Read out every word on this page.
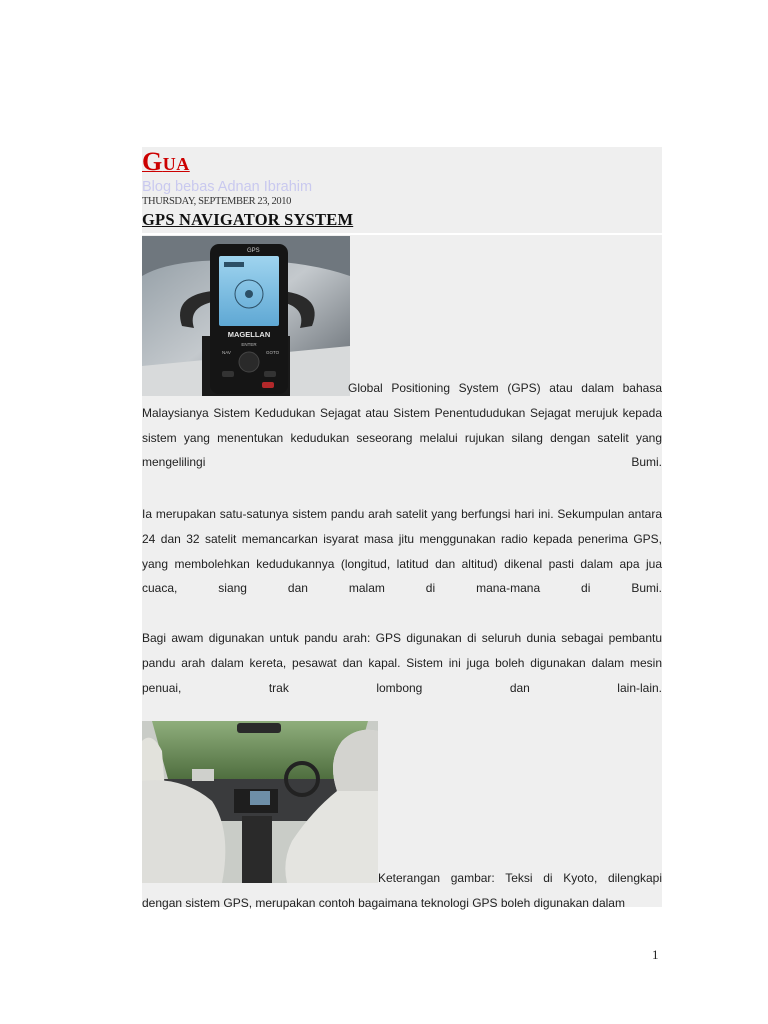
GUA
Blog bebas Adnan Ibrahim
THURSDAY, SEPTEMBER 23, 2010
GPS NAVIGATOR SYSTEM
GPS
MAGELLAN
ENTER
NAV	GOTO

Global Positioning System (GPS) atau dalam bahasa Malaysianya Sistem Kedudukan Sejagat atau Sistem Penentududukan Sejagat merujuk kepada sistem yang menentukan kedudukan seseorang melalui rujukan silang dengan satelit yang mengelilingi Bumi.

Ia merupakan satu-satunya sistem pandu arah satelit yang berfungsi hari ini. Sekumpulan antara 24 dan 32 satelit memancarkan isyarat masa jitu menggunakan radio kepada penerima GPS, yang membolehkan kedudukannya (longitud, latitud dan altitud) dikenal pasti dalam apa jua cuaca, siang dan malam di mana-mana di Bumi.

Bagi awam digunakan untuk pandu arah: GPS digunakan di seluruh dunia sebagai pembantu pandu arah dalam kereta, pesawat dan kapal. Sistem ini juga boleh digunakan dalam mesin penuai, trak lombong dan lain-lain.

Keterangan gambar: Teksi di Kyoto, dilengkapi dengan sistem GPS, merupakan contoh bagaimana teknologi GPS boleh digunakan dalam

1
